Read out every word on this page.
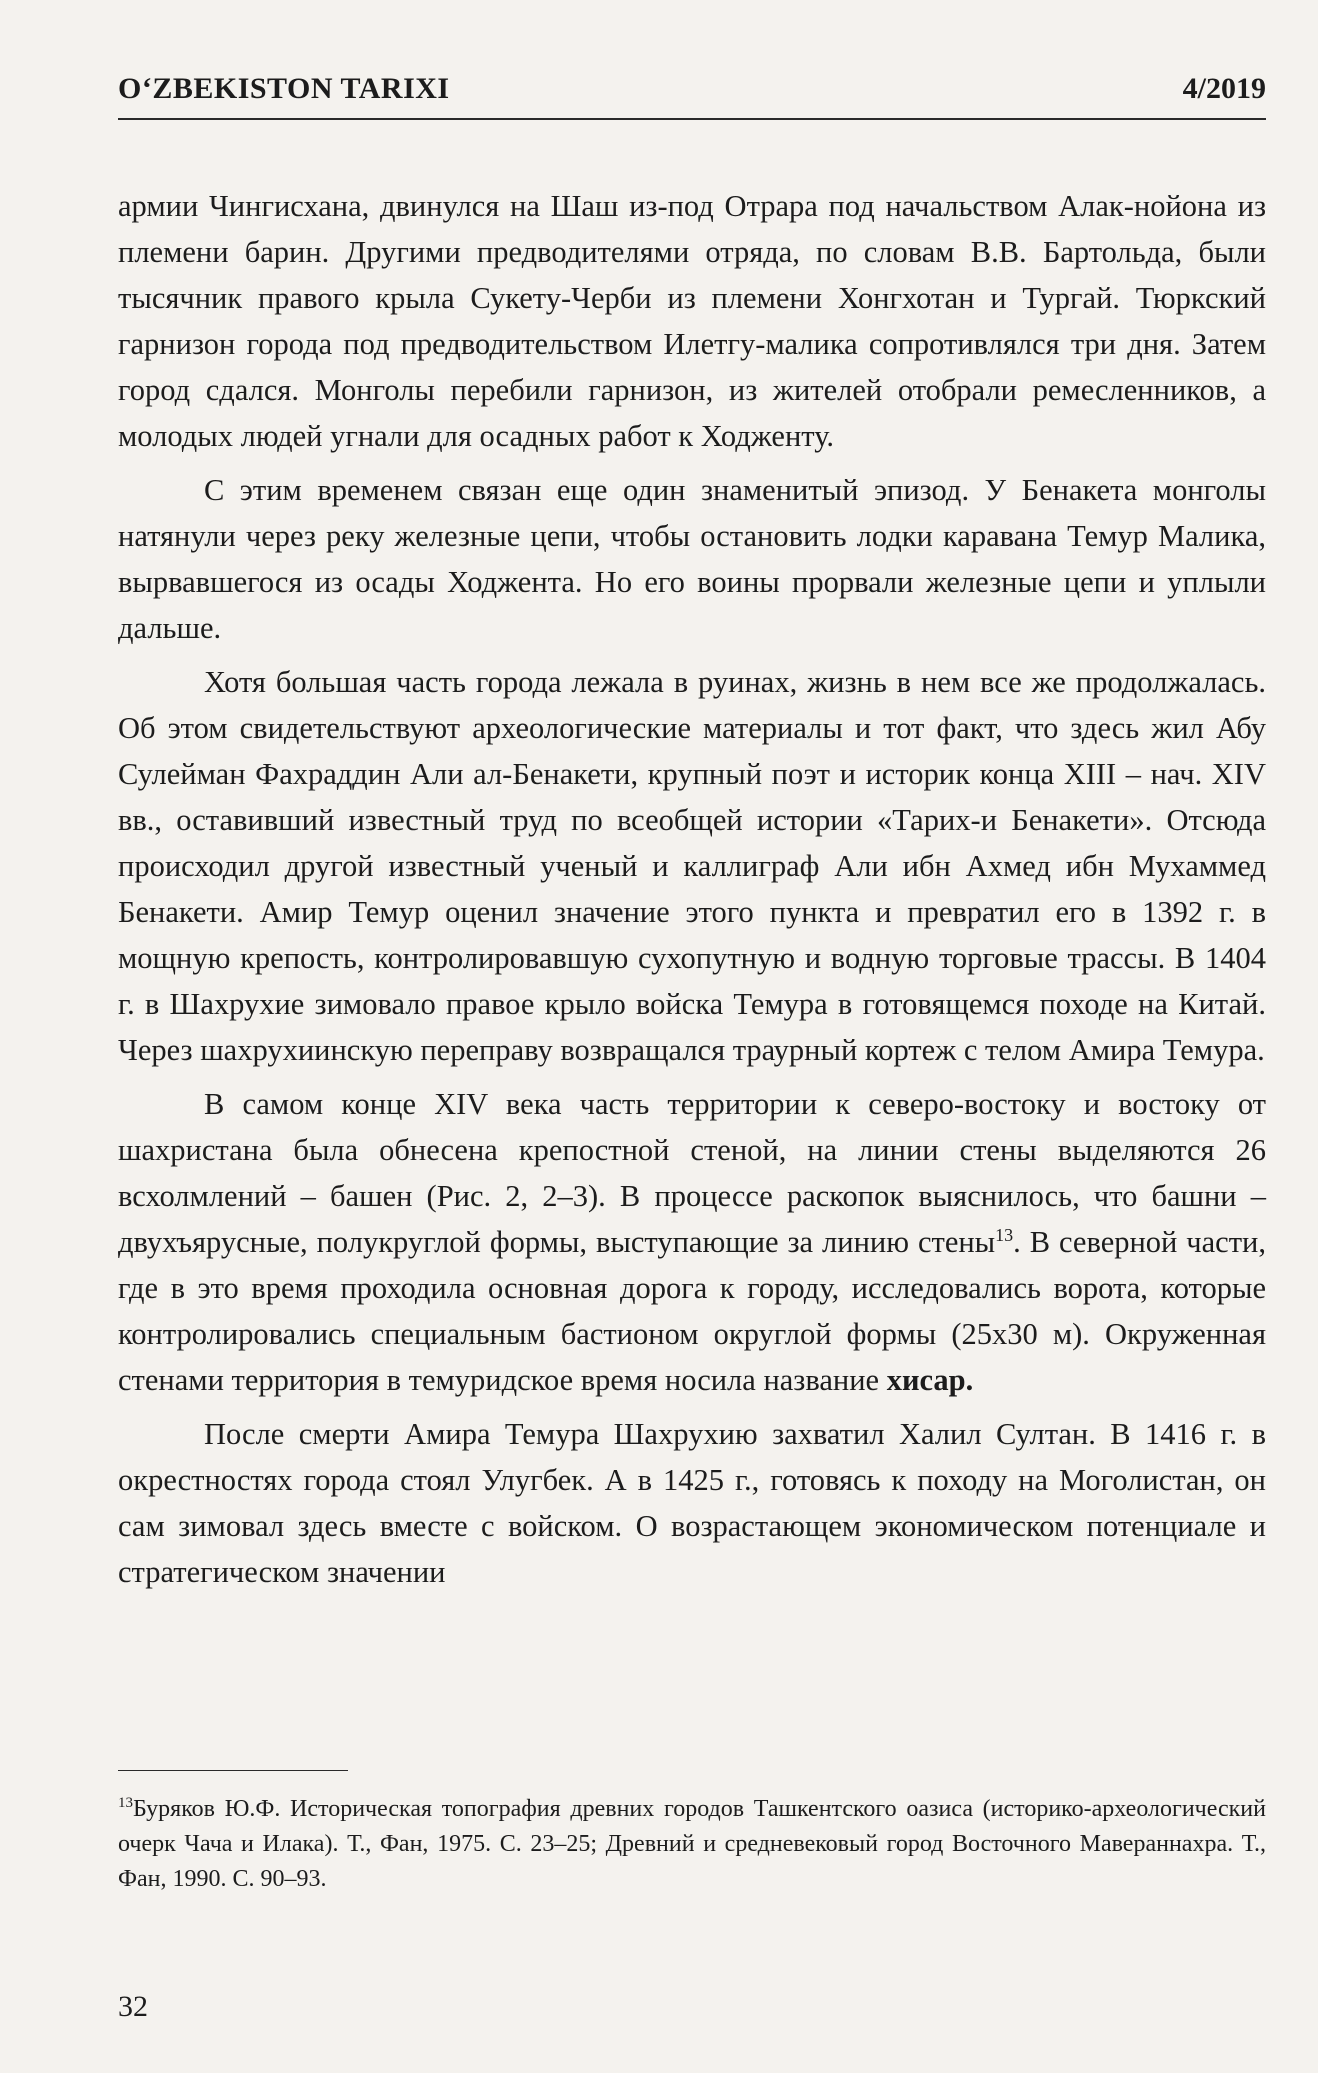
O‘ZBEKISTON TARIXI	4/2019

армии Чингисхана, двинулся на Шаш из-под Отрара под начальством Алак-нойона из племени барин. Другими предводителями отряда, по словам В.В. Бартольда, были тысячник правого крыла Сукету-Черби из племени Хонгхотан и Тургай. Тюркский гарнизон города под предводительством Илетгу-малика сопротивлялся три дня. Затем город сдался. Монголы перебили гарнизон, из жителей отобрали ремесленников, а молодых людей угнали для осадных работ к Ходженту.

С этим временем связан еще один знаменитый эпизод. У Бенакета монголы натянули через реку железные цепи, чтобы остановить лодки каравана Темур Малика, вырвавшегося из осады Ходжента. Но его воины прорвали железные цепи и уплыли дальше.

Хотя большая часть города лежала в руинах, жизнь в нем все же продолжалась. Об этом свидетельствуют археологические материалы и тот факт, что здесь жил Абу Сулейман Фахраддин Али ал-Бенакети, крупный поэт и историк конца XIII – нач. XIV вв., оставивший известный труд по всеобщей истории «Тарих-и Бенакети». Отсюда происходил другой известный ученый и каллиграф Али ибн Ахмед ибн Мухаммед Бенакети. Амир Темур оценил значение этого пункта и превратил его в 1392 г. в мощную крепость, контролировавшую сухопутную и водную торговые трассы. В 1404 г. в Шахрухие зимовало правое крыло войска Темура в готовящемся походе на Китай. Через шахрухиинскую переправу возвращался траурный кортеж с телом Амира Темура.

В самом конце XIV века часть территории к северо-востоку и востоку от шахристана была обнесена крепостной стеной, на линии стены выделяются 26 всхолмлений – башен (Рис. 2, 2–3). В процессе раскопок выяснилось, что башни – двухъярусные, полукруглой формы, выступающие за линию стены$^{13}$. В северной части, где в это время проходила основная дорога к городу, исследовались ворота, которые контролировались специальным бастионом округлой формы (25х30 м). Окруженная стенами территория в темуридское время носила название хисар.

После смерти Амира Темура Шахрухию захватил Халил Султан. В 1416 г. в окрестностях города стоял Улугбек. А в 1425 г., готовясь к походу на Моголистан, он сам зимовал здесь вместе с войском. О возрастающем экономическом потенциале и стратегическом значении

$^{13}$Буряков Ю.Ф. Историческая топография древних городов Ташкентского оазиса (историко-археологический очерк Чача и Илака). Т., Фан, 1975. С. 23–25; Древний и средневековый город Восточного Мавераннахра. Т., Фан, 1990. С. 90–93.
32
